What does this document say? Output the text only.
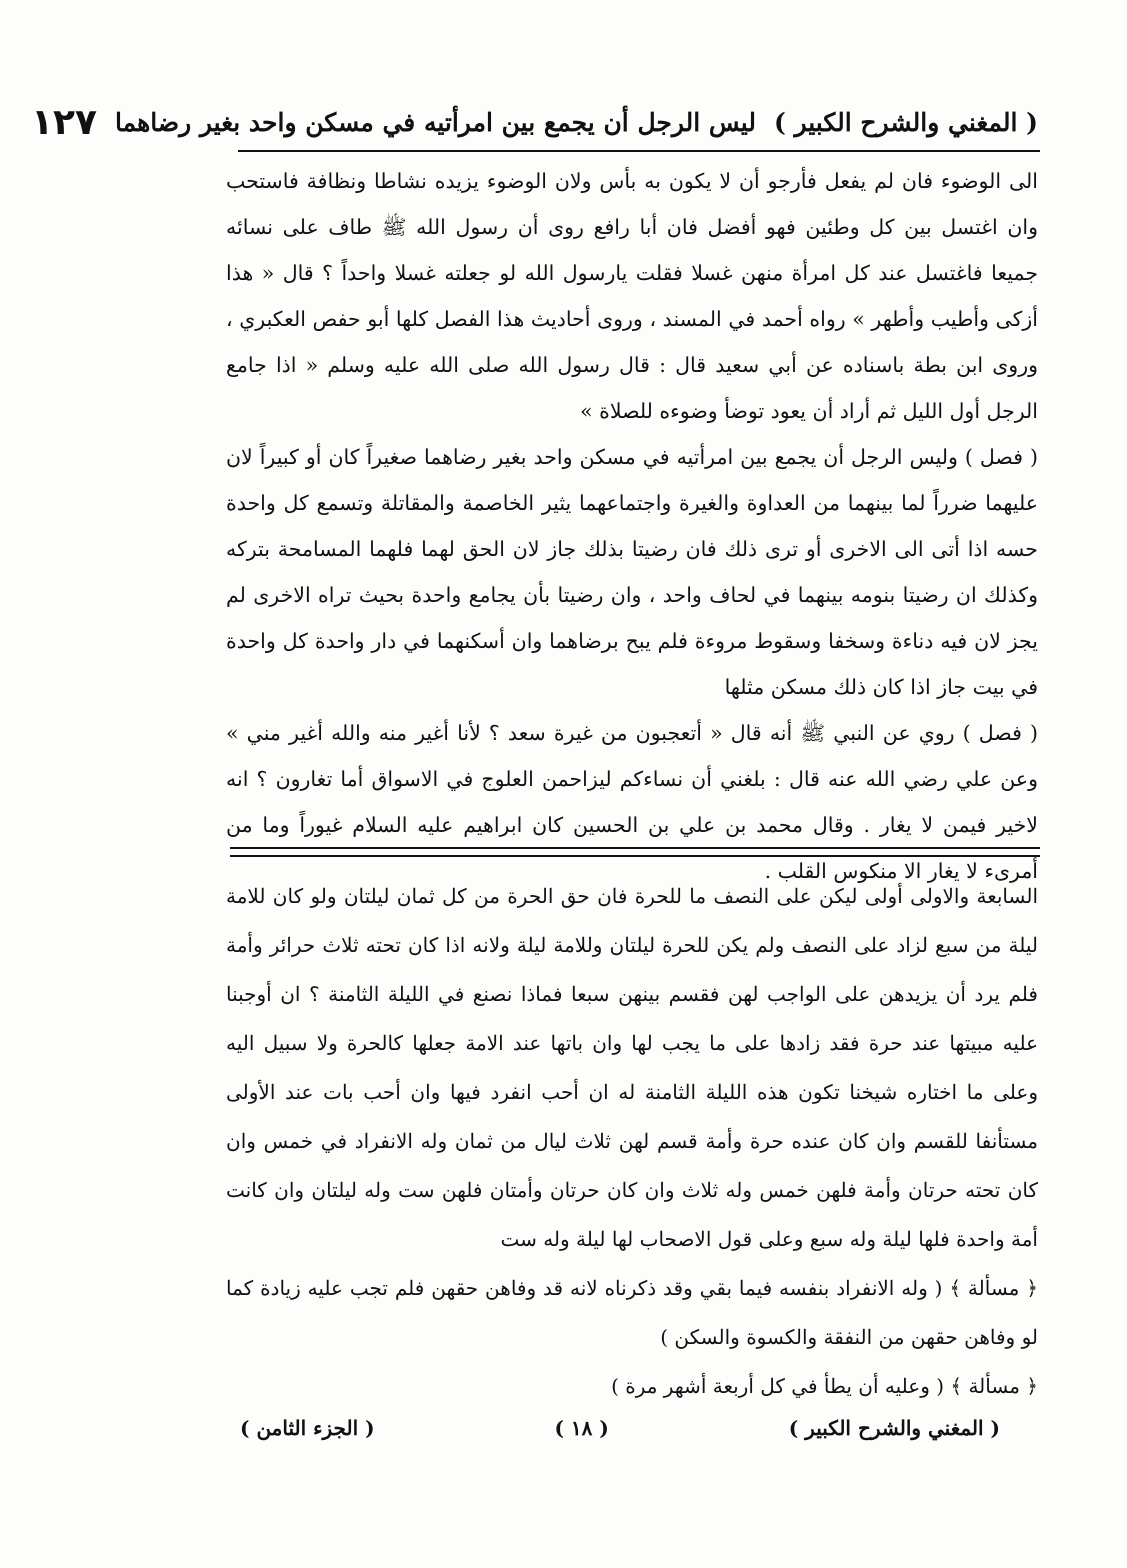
( المغني والشرح الكبير )
ليس الرجل أن يجمع بين امرأتيه في مسكن واحد بغير رضاهما
١٢٧

الى الوضوء فان لم يفعل فأرجو أن لا يكون به بأس ولان الوضوء يزيده نشاطا ونظافة فاستحب وان اغتسل بين كل وطئين فهو أفضل فان أبا رافع روى أن رسول الله ﷺ طاف على نسائه جميعا فاغتسل عند كل امرأة منهن غسلا فقلت يارسول الله لو جعلته غسلا واحداً ؟ قال « هذا أزكى وأطيب وأطهر » رواه أحمد في المسند ، وروى أحاديث هذا الفصل كلها أبو حفص العكبري ، وروى ابن بطة باسناده عن أبي سعيد قال : قال رسول الله صلى الله عليه وسلم « اذا جامع الرجل أول الليل ثم أراد أن يعود توضأ وضوءه للصلاة »

( فصل ) وليس الرجل أن يجمع بين امرأتيه في مسكن واحد بغير رضاهما صغيراً كان أو كبيراً لان عليهما ضرراً لما بينهما من العداوة والغيرة واجتماعهما يثير الخاصمة والمقاتلة وتسمع كل واحدة حسه اذا أتى الى الاخرى أو ترى ذلك فان رضيتا بذلك جاز لان الحق لهما فلهما المسامحة بتركه وكذلك ان رضيتا بنومه بينهما في لحاف واحد ، وان رضيتا بأن يجامع واحدة بحيث تراه الاخرى لم يجز لان فيه دناءة وسخفا وسقوط مروءة فلم يبح برضاهما وان أسكنهما في دار واحدة كل واحدة في بيت جاز اذا كان ذلك مسكن مثلها

( فصل ) روي عن النبي ﷺ أنه قال « أتعجبون من غيرة سعد ؟ لأنا أغير منه والله أغير مني » وعن علي رضي الله عنه قال : بلغني أن نساءكم ليزاحمن العلوج في الاسواق أما تغارون ؟ انه لاخير فيمن لا يغار . وقال محمد بن علي بن الحسين كان ابراهيم عليه السلام غيوراً وما من أمرىء لا يغار الا منكوس القلب .

السابعة والاولى أولى ليكن على النصف ما للحرة فان حق الحرة من كل ثمان ليلتان ولو كان للامة ليلة من سبع لزاد على النصف ولم يكن للحرة ليلتان وللامة ليلة ولانه اذا كان تحته ثلاث حرائر وأمة فلم يرد أن يزيدهن على الواجب لهن فقسم بينهن سبعا فماذا نصنع في الليلة الثامنة ؟ ان أوجبنا عليه مبيتها عند حرة فقد زادها على ما يجب لها وان باتها عند الامة جعلها كالحرة ولا سبيل اليه وعلى ما اختاره شيخنا تكون هذه الليلة الثامنة له ان أحب انفرد فيها وان أحب بات عند الأولى مستأنفا للقسم وان كان عنده حرة وأمة قسم لهن ثلاث ليال من ثمان وله الانفراد في خمس وان كان تحته حرتان وأمة فلهن خمس وله ثلاث وان كان حرتان وأمتان فلهن ست وله ليلتان وان كانت أمة واحدة فلها ليلة وله سبع وعلى قول الاصحاب لها ليلة وله ست

﴿ مسألة ﴾ ( وله الانفراد بنفسه فيما بقي وقد ذكرناه لانه قد وفاهن حقهن فلم تجب عليه زيادة كما لو وفاهن حقهن من النفقة والكسوة والسكن )

﴿ مسألة ﴾ ( وعليه أن يطأ في كل أربعة أشهر مرة )

( المغني والشرح الكبير )
( ١٨ )
( الجزء الثامن )
